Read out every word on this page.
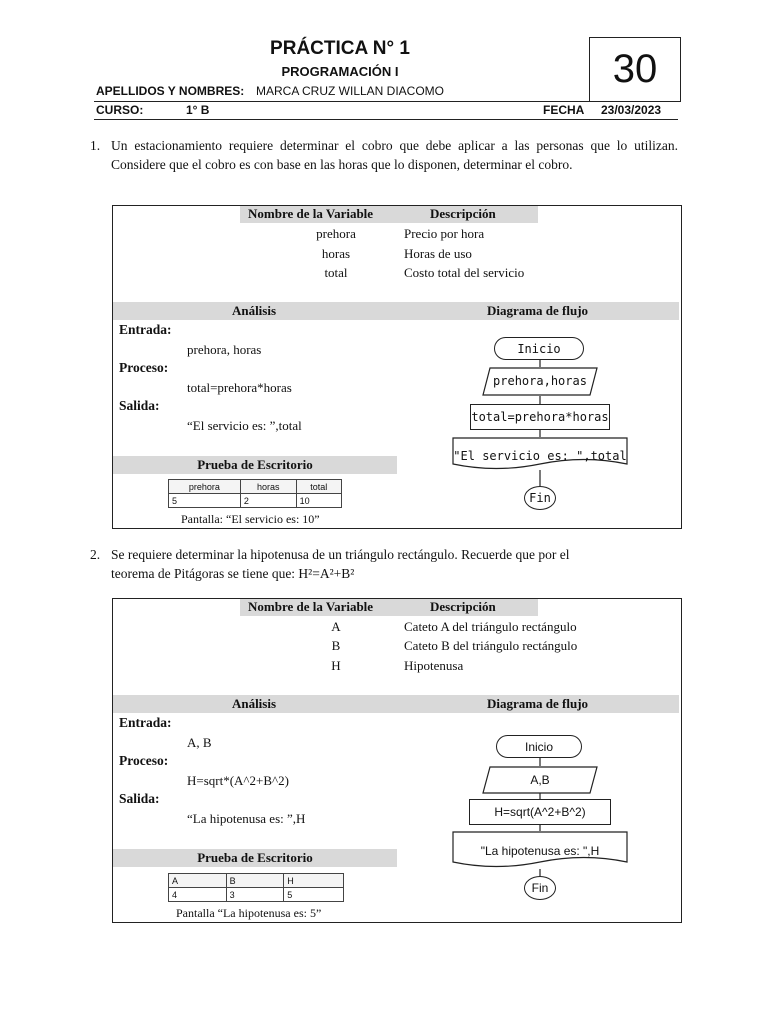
PRÁCTICA N° 1
PROGRAMACIÓN I	30
APELLIDOS Y NOMBRES: MARCA CRUZ WILLAN DIACOMO
CURSO:	1° B	FECHA 23/03/2023
1. Un estacionamiento requiere determinar el cobro que debe aplicar a las personas que lo utilizan. Considere que el cobro es con base en las horas que lo disponen, determinar el cobro.
Nombre de la Variable	Descripción
prehora	Precio por hora
horas	Horas de uso
total	Costo total del servicio
Análisis	Diagrama de flujo
Entrada:
prehora, horas
Proceso:
total=prehora*horas
Salida:
“El servicio es: ”,total
Prueba de Escritorio
prehora	horas	total
5	2	10
Pantalla: “El servicio es: 10”
Inicio
prehora,horas
total=prehora*horas
"El servicio es: ",total
Fin
2. Se requiere determinar la hipotenusa de un triángulo rectángulo. Recuerde que por el
teorema de Pitágoras se tiene que: H²=A²+B²
Nombre de la Variable	Descripción
A	Cateto A del triángulo rectángulo
B	Cateto B del triángulo rectángulo
H	Hipotenusa
Análisis	Diagrama de flujo
Entrada:
A, B
Proceso:
H=sqrt*(A^2+B^2)
Salida:
“La hipotenusa es: ”,H
Prueba de Escritorio
A	B	H
4	3	5
Pantalla “La hipotenusa es: 5”
Inicio
A,B
H=sqrt(A^2+B^2)
"La hipotenusa es: ",H
Fin
